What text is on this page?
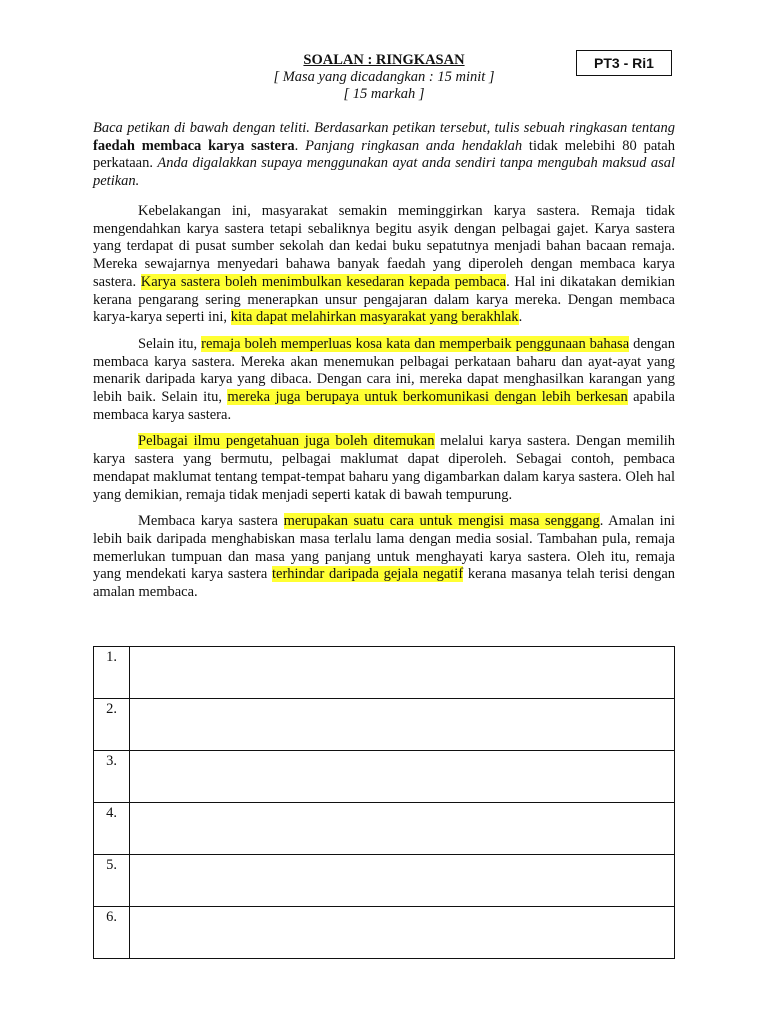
SOALAN : RINGKASAN
[ Masa yang dicadangkan : 15 minit ]
[ 15 markah ]
PT3 - Ri1
Baca petikan di bawah dengan teliti. Berdasarkan petikan tersebut, tulis sebuah ringkasan tentang faedah membaca karya sastera. Panjang ringkasan anda hendaklah tidak melebihi 80 patah perkataan. Anda digalakkan supaya menggunakan ayat anda sendiri tanpa mengubah maksud asal petikan.

Kebelakangan ini, masyarakat semakin meminggirkan karya sastera. Remaja tidak mengendahkan karya sastera tetapi sebaliknya begitu asyik dengan pelbagai gajet. Karya sastera yang terdapat di pusat sumber sekolah dan kedai buku sepatutnya menjadi bahan bacaan remaja. Mereka sewajarnya menyedari bahawa banyak faedah yang diperoleh dengan membaca karya sastera. Karya sastera boleh menimbulkan kesedaran kepada pembaca. Hal ini dikatakan demikian kerana pengarang sering menerapkan unsur pengajaran dalam karya mereka. Dengan membaca karya-karya seperti ini, kita dapat melahirkan masyarakat yang berakhlak.

Selain itu, remaja boleh memperluas kosa kata dan memperbaik penggunaan bahasa dengan membaca karya sastera. Mereka akan menemukan pelbagai perkataan baharu dan ayat-ayat yang menarik daripada karya yang dibaca. Dengan cara ini, mereka dapat menghasilkan karangan yang lebih baik. Selain itu, mereka juga berupaya untuk berkomunikasi dengan lebih berkesan apabila membaca karya sastera.

Pelbagai ilmu pengetahuan juga boleh ditemukan melalui karya sastera. Dengan memilih karya sastera yang bermutu, pelbagai maklumat dapat diperoleh. Sebagai contoh, pembaca mendapat maklumat tentang tempat-tempat baharu yang digambarkan dalam karya sastera. Oleh hal yang demikian, remaja tidak menjadi seperti katak di bawah tempurung.

Membaca karya sastera merupakan suatu cara untuk mengisi masa senggang. Amalan ini lebih baik daripada menghabiskan masa terlalu lama dengan media sosial. Tambahan pula, remaja memerlukan tumpuan dan masa yang panjang untuk menghayati karya sastera. Oleh itu, remaja yang mendekati karya sastera terhindar daripada gejala negatif kerana masanya telah terisi dengan amalan membaca.

1.	
2.	
3.	
4.	
5.	
6.	
